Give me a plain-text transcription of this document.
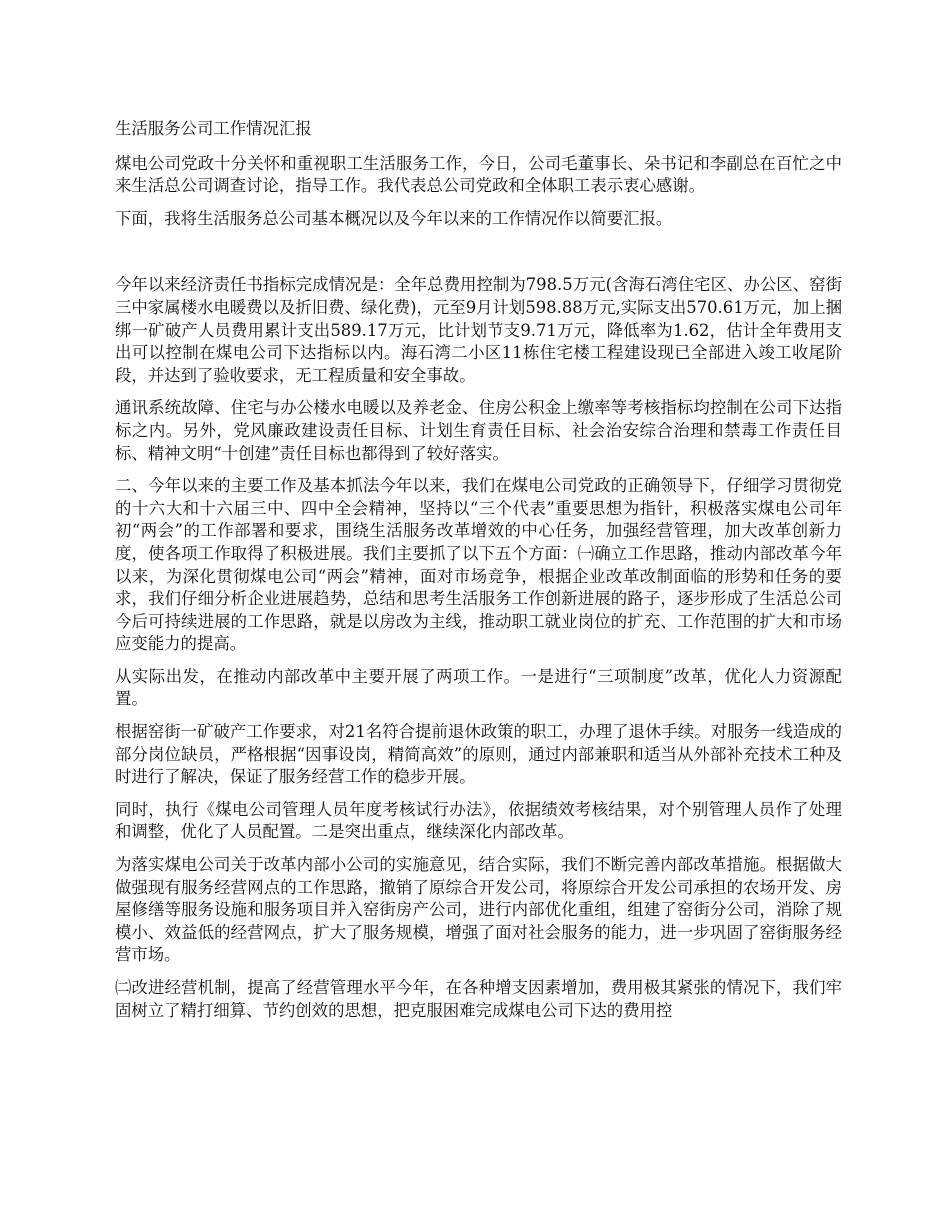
生活服务公司工作情况汇报

煤电公司党政十分关怀和重视职工生活服务工作，今日，公司毛董事长、朵书记和李副总在百忙之中来生活总公司调查讨论，指导工作。我代表总公司党政和全体职工表示衷心感谢。

下面，我将生活服务总公司基本概况以及今年以来的工作情况作以简要汇报。

今年以来经济责任书指标完成情况是：全年总费用控制为798.5万元(含海石湾住宅区、办公区、窑街三中家属楼水电暖费以及折旧费、绿化费)，元至9月计划598.88万元,实际支出570.61万元，加上捆绑一矿破产人员费用累计支出589.17万元，比计划节支9.71万元，降低率为1.62，估计全年费用支出可以控制在煤电公司下达指标以内。海石湾二小区11栋住宅楼工程建设现已全部进入竣工收尾阶段，并达到了验收要求，无工程质量和安全事故。

通讯系统故障、住宅与办公楼水电暖以及养老金、住房公积金上缴率等考核指标均控制在公司下达指标之内。另外，党风廉政建设责任目标、计划生育责任目标、社会治安综合治理和禁毒工作责任目标、精神文明“十创建”责任目标也都得到了较好落实。

二、今年以来的主要工作及基本抓法今年以来，我们在煤电公司党政的正确领导下，仔细学习贯彻党的十六大和十六届三中、四中全会精神，坚持以“三个代表”重要思想为指针，积极落实煤电公司年初“两会”的工作部署和要求，围绕生活服务改革增效的中心任务，加强经营管理，加大改革创新力度，使各项工作取得了积极进展。我们主要抓了以下五个方面：㈠确立工作思路，推动内部改革今年以来，为深化贯彻煤电公司“两会”精神，面对市场竞争，根据企业改革改制面临的形势和任务的要求，我们仔细分析企业进展趋势，总结和思考生活服务工作创新进展的路子，逐步形成了生活总公司今后可持续进展的工作思路，就是以房改为主线，推动职工就业岗位的扩充、工作范围的扩大和市场应变能力的提高。

从实际出发，在推动内部改革中主要开展了两项工作。一是进行“三项制度”改革，优化人力资源配置。

根据窑街一矿破产工作要求，对21名符合提前退休政策的职工，办理了退休手续。对服务一线造成的部分岗位缺员，严格根据“因事设岗，精简高效”的原则，通过内部兼职和适当从外部补充技术工种及时进行了解决，保证了服务经营工作的稳步开展。

同时，执行《煤电公司管理人员年度考核试行办法》，依据绩效考核结果，对个别管理人员作了处理和调整，优化了人员配置。二是突出重点，继续深化内部改革。

为落实煤电公司关于改革内部小公司的实施意见，结合实际，我们不断完善内部改革措施。根据做大做强现有服务经营网点的工作思路，撤销了原综合开发公司，将原综合开发公司承担的农场开发、房屋修缮等服务设施和服务项目并入窑街房产公司，进行内部优化重组，组建了窑街分公司，消除了规模小、效益低的经营网点，扩大了服务规模，增强了面对社会服务的能力，进一步巩固了窑街服务经营市场。

㈡改进经营机制，提高了经营管理水平今年，在各种增支因素增加，费用极其紧张的情况下，我们牢固树立了精打细算、节约创效的思想，把克服困难完成煤电公司下达的费用控
